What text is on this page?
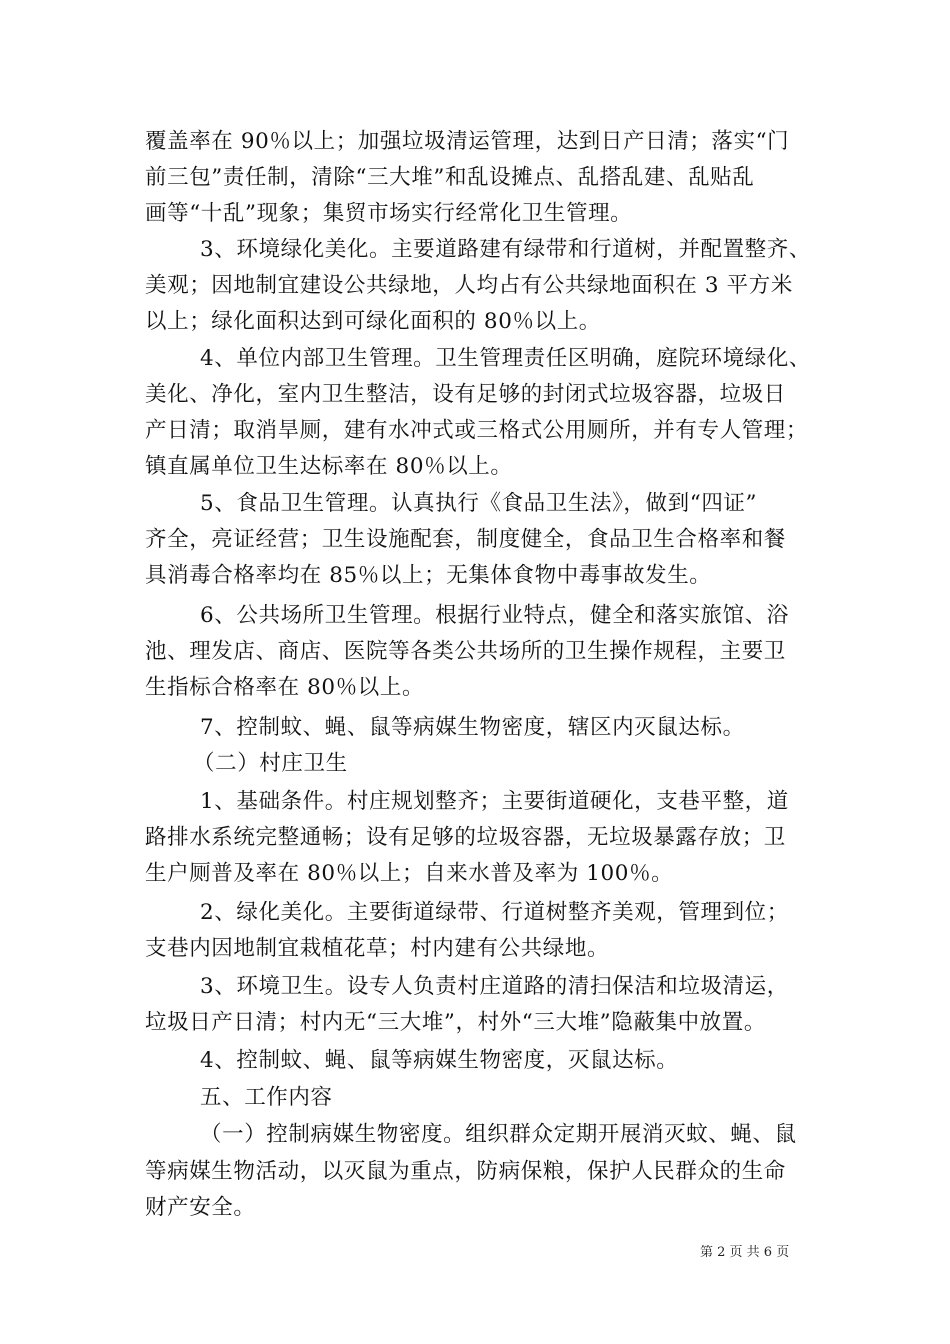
覆盖率在 90％以上；加强垃圾清运管理，达到日产日清；落实“门
前三包”责任制，清除“三大堆”和乱设摊点、乱搭乱建、乱贴乱
画等“十乱”现象；集贸市场实行经常化卫生管理。
3、环境绿化美化。主要道路建有绿带和行道树，并配置整齐、
美观；因地制宜建设公共绿地，人均占有公共绿地面积在 3 平方米
以上；绿化面积达到可绿化面积的 80％以上。
4、单位内部卫生管理。卫生管理责任区明确，庭院环境绿化、
美化、净化，室内卫生整洁，设有足够的封闭式垃圾容器，垃圾日
产日清；取消旱厕，建有水冲式或三格式公用厕所，并有专人管理；
镇直属单位卫生达标率在 80％以上。
5、食品卫生管理。认真执行《食品卫生法》，做到“四证”
齐全，亮证经营；卫生设施配套，制度健全，食品卫生合格率和餐
具消毒合格率均在 85％以上；无集体食物中毒事故发生。
6、公共场所卫生管理。根据行业特点，健全和落实旅馆、浴
池、理发店、商店、医院等各类公共场所的卫生操作规程，主要卫
生指标合格率在 80％以上。
7、控制蚊、蝇、鼠等病媒生物密度，辖区内灭鼠达标。
（二）村庄卫生
1、基础条件。村庄规划整齐；主要街道硬化，支巷平整，道
路排水系统完整通畅；设有足够的垃圾容器，无垃圾暴露存放；卫
生户厕普及率在 80％以上；自来水普及率为 100％。
2、绿化美化。主要街道绿带、行道树整齐美观，管理到位；
支巷内因地制宜栽植花草；村内建有公共绿地。
3、环境卫生。设专人负责村庄道路的清扫保洁和垃圾清运，
垃圾日产日清；村内无“三大堆”，村外“三大堆”隐蔽集中放置。
4、控制蚊、蝇、鼠等病媒生物密度，灭鼠达标。
五、工作内容
（一）控制病媒生物密度。组织群众定期开展消灭蚊、蝇、鼠
等病媒生物活动，以灭鼠为重点，防病保粮，保护人民群众的生命
财产安全。
第 2 页 共 6 页
